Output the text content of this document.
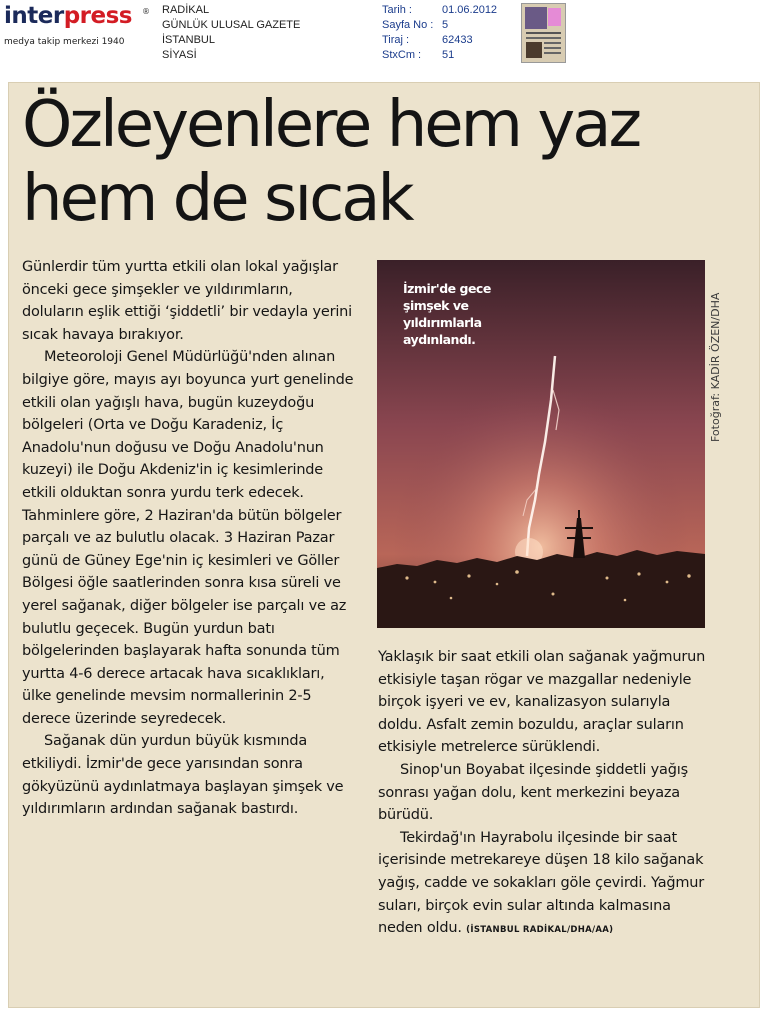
interpress ®
medya takip merkezi 1940
RADİKAL
GÜNLÜK ULUSAL GAZETE
İSTANBUL
SİYASİ
Tarih :	01.06.2012
Sayfa No : 5
Tiraj :	62433
StxCm :	51
Özleyenlere hem yaz
hem de sıcak

Günlerdir tüm yurtta etkili olan lokal yağışlar önceki gece şimşekler ve yıldırımların, doluların eşlik ettiği ‘şiddetli’ bir vedayla yerini sıcak havaya bırakıyor.

Meteoroloji Genel Müdürlüğü'nden alınan bilgiye göre, mayıs ayı boyunca yurt genelinde etkili olan yağışlı hava, bugün kuzeydoğu bölgeleri (Orta ve Doğu Karadeniz, İç Anadolu'nun doğusu ve Doğu Anadolu'nun kuzeyi) ile Doğu Akdeniz'in iç kesimlerinde etkili olduktan sonra yurdu terk edecek. Tahminlere göre, 2 Haziran'da bütün bölgeler parçalı ve az bulutlu olacak. 3 Haziran Pazar günü de Güney Ege'nin iç kesimleri ve Göller Bölgesi öğle saatlerinden sonra kısa süreli ve yerel sağanak, diğer bölgeler ise parçalı ve az bulutlu geçecek. Bugün yurdun batı bölgelerinden başlayarak hafta sonunda tüm yurtta 4-6 derece artacak hava sıcaklıkları, ülke genelinde mevsim normallerinin 2-5 derece üzerinde seyredecek.

Sağanak dün yurdun büyük kısmında etkiliydi. İzmir'de gece yarısından sonra gökyüzünü aydınlatmaya başlayan şimşek ve yıldırımların ardından sağanak bastırdı.

İzmir'de gece şimşek ve yıldırımlarla aydınlandı.	Fotoğraf: KADİR ÖZEN/DHA

Yaklaşık bir saat etkili olan sağanak yağmurun etkisiyle taşan rögar ve mazgallar nedeniyle birçok işyeri ve ev, kanalizasyon sularıyla doldu. Asfalt zemin bozuldu, araçlar suların etkisiyle metrelerce sürüklendi.

Sinop'un Boyabat ilçesinde şiddetli yağış sonrası yağan dolu, kent merkezini beyaza bürüdü.

Tekirdağ'ın Hayrabolu ilçesinde bir saat içerisinde metrekareye düşen 18 kilo sağanak yağış, cadde ve sokakları göle çevirdi. Yağmur suları, birçok evin sular altında kalmasına neden oldu. (İSTANBUL RADİKAL/DHA/AA)
